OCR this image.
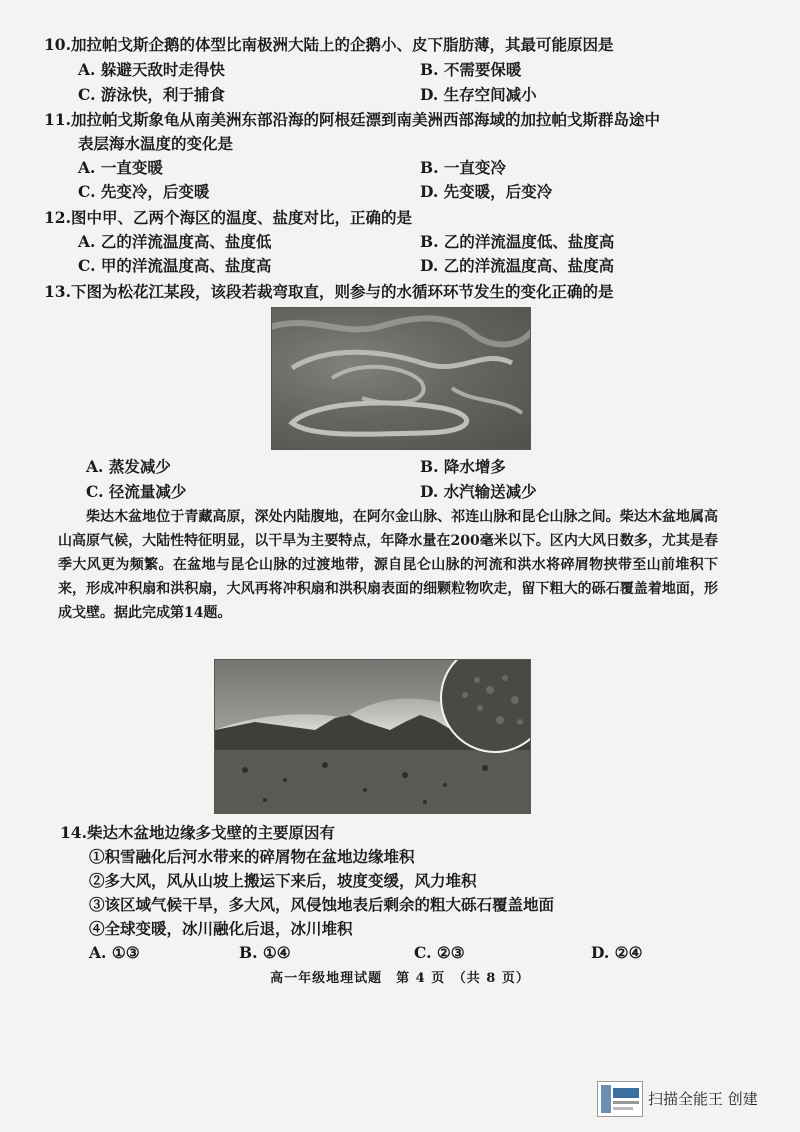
10.加拉帕戈斯企鹅的体型比南极洲大陆上的企鹅小、皮下脂肪薄，其最可能原因是
A. 躲避天敌时走得快	B. 不需要保暖
C. 游泳快，利于捕食	D. 生存空间减小
11.加拉帕戈斯象龟从南美洲东部沿海的阿根廷漂到南美洲西部海域的加拉帕戈斯群岛途中
表层海水温度的变化是
A. 一直变暖	B. 一直变冷
C. 先变冷，后变暖	D. 先变暖，后变冷
12.图中甲、乙两个海区的温度、盐度对比，正确的是
A. 乙的洋流温度高、盐度低	B. 乙的洋流温度低、盐度高
C. 甲的洋流温度高、盐度高	D. 乙的洋流温度高、盐度高
13.下图为松花江某段，该段若裁弯取直，则参与的水循环环节发生的变化正确的是
A. 蒸发减少	B. 降水增多
C. 径流量减少	D. 水汽输送减少
柴达木盆地位于青藏高原，深处内陆腹地，在阿尔金山脉、祁连山脉和昆仑山脉之间。柴达木盆地属高山高原气候，大陆性特征明显，以干旱为主要特点，年降水量在200毫米以下。区内大风日数多，尤其是春季大风更为频繁。在盆地与昆仑山脉的过渡地带，源自昆仑山脉的河流和洪水将碎屑物挟带至山前堆积下来，形成冲积扇和洪积扇，大风再将冲积扇和洪积扇表面的细颗粒物吹走，留下粗大的砾石覆盖着地面，形成戈壁。据此完成第14题。
14.柴达木盆地边缘多戈壁的主要原因有
①积雪融化后河水带来的碎屑物在盆地边缘堆积
②多大风，风从山坡上搬运下来后，坡度变缓，风力堆积
③该区域气候干旱，多大风，风侵蚀地表后剩余的粗大砾石覆盖地面
④全球变暖，冰川融化后退，冰川堆积
A. ①③	B. ①④	C. ②③	D. ②④
高一年级地理试题　第 4 页　（共 8 页）
扫描全能王 创建
